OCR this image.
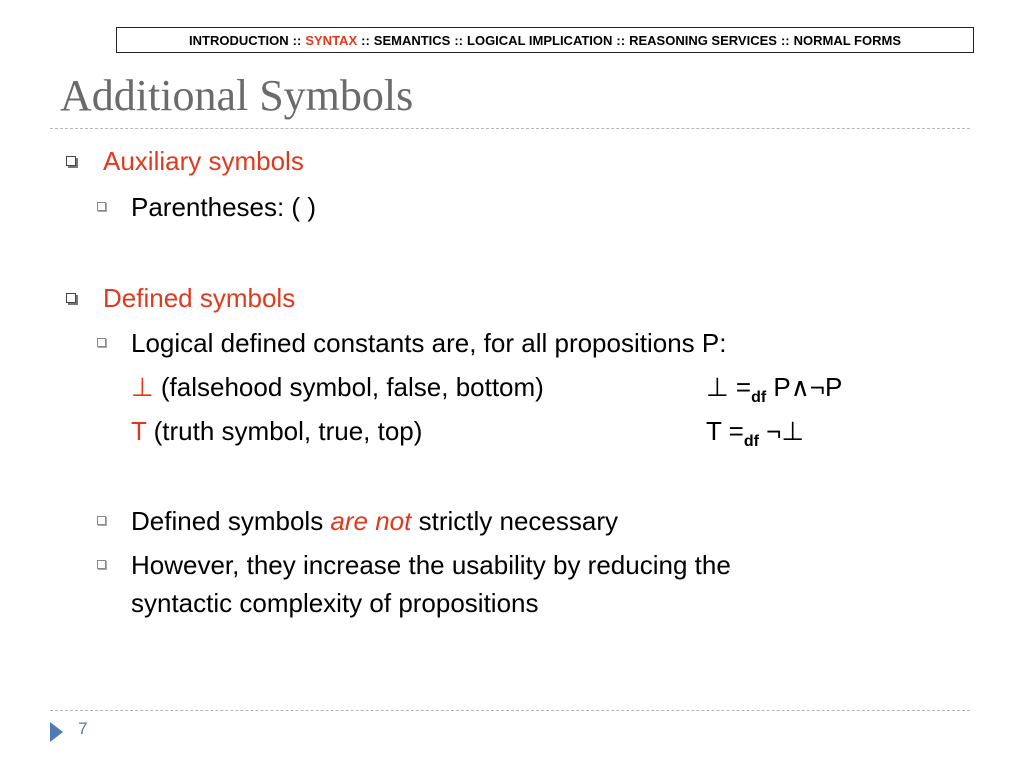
INTRODUCTION :: SYNTAX :: SEMANTICS :: LOGICAL IMPLICATION :: REASONING SERVICES :: NORMAL FORMS
Additional Symbols
Auxiliary symbols
Parentheses: ( )
Defined symbols
Logical defined constants are, for all propositions P:
⊥ (falsehood symbol, false, bottom)	⊥ $=_{df}$ P∧¬P
T (truth symbol, true, top)	$T =_{df}$ ¬⊥
Defined symbols are not strictly necessary
However, they increase the usability by reducing the
syntactic complexity of propositions
7
